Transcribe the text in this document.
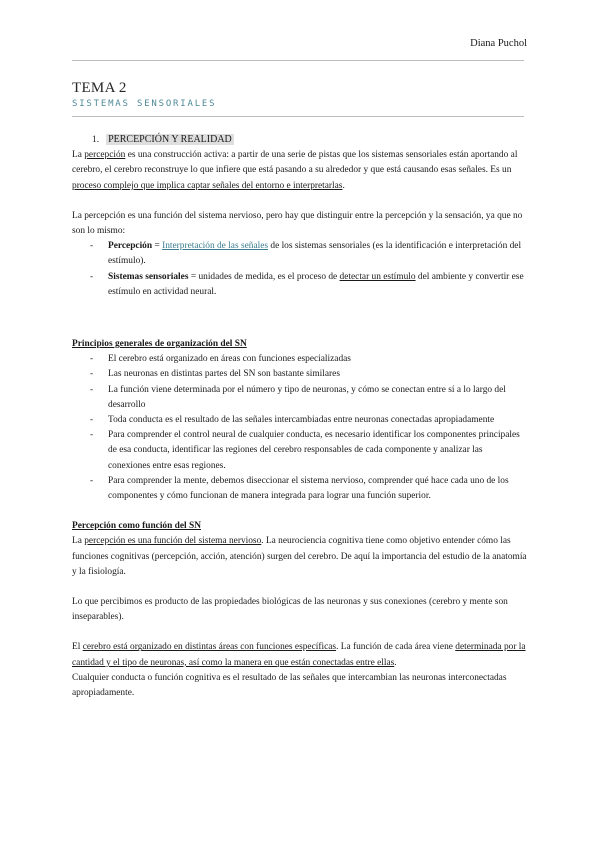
Diana Puchol
TEMA 2
SISTEMAS SENSORIALES

1. PERCEPCIÓN Y REALIDAD

La percepción es una construcción activa: a partir de una serie de pistas que los sistemas sensoriales están aportando al cerebro, el cerebro reconstruye lo que infiere que está pasando a su alrededor y que está causando esas señales. Es un proceso complejo que implica captar señales del entorno e interpretarlas.

La percepción es una función del sistema nervioso, pero hay que distinguir entre la percepción y la sensación, ya que no son lo mismo:

- Percepción = Interpretación de las señales de los sistemas sensoriales (es la identificación e interpretación del estímulo).
- Sistemas sensoriales = unidades de medida, es el proceso de detectar un estímulo del ambiente y convertir ese estímulo en actividad neural.

Principios generales de organización del SN

- El cerebro está organizado en áreas con funciones especializadas
- Las neuronas en distintas partes del SN son bastante similares
- La función viene determinada por el número y tipo de neuronas, y cómo se conectan entre sí a lo largo del desarrollo
- Toda conducta es el resultado de las señales intercambiadas entre neuronas conectadas apropiadamente
- Para comprender el control neural de cualquier conducta, es necesario identificar los componentes principales de esa conducta, identificar las regiones del cerebro responsables de cada componente y analizar las conexiones entre esas regiones.
- Para comprender la mente, debemos diseccionar el sistema nervioso, comprender qué hace cada uno de los componentes y cómo funcionan de manera integrada para lograr una función superior.

Percepción como función del SN

La percepción es una función del sistema nervioso. La neurociencia cognitiva tiene como objetivo entender cómo las funciones cognitivas (percepción, acción, atención) surgen del cerebro. De aquí la importancia del estudio de la anatomía y la fisiología.

Lo que percibimos es producto de las propiedades biológicas de las neuronas y sus conexiones (cerebro y mente son inseparables).

El cerebro está organizado en distintas áreas con funciones específicas. La función de cada área viene determinada por la cantidad y el tipo de neuronas, así como la manera en que están conectadas entre ellas.

Cualquier conducta o función cognitiva es el resultado de las señales que intercambian las neuronas interconectadas apropiadamente.
